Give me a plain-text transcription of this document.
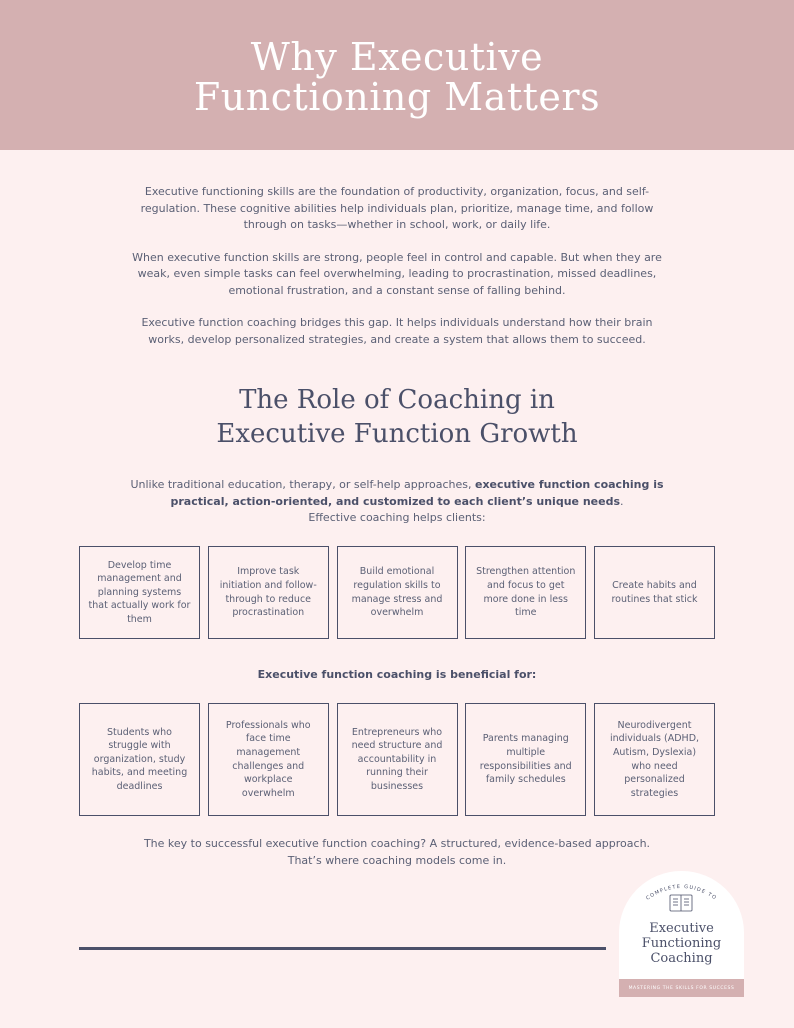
Why Executive
Functioning Matters

Executive functioning skills are the foundation of productivity, organization, focus, and self-regulation. These cognitive abilities help individuals plan, prioritize, manage time, and follow through on tasks—whether in school, work, or daily life.

When executive function skills are strong, people feel in control and capable. But when they are weak, even simple tasks can feel overwhelming, leading to procrastination, missed deadlines, emotional frustration, and a constant sense of falling behind.

Executive function coaching bridges this gap. It helps individuals understand how their brain works, develop personalized strategies, and create a system that allows them to succeed.

The Role of Coaching in
Executive Function Growth
Unlike traditional education, therapy, or self-help approaches, executive function coaching is practical, action-oriented, and customized to each client’s unique needs.
Effective coaching helps clients:
Develop time management and planning systems that actually work for them
Improve task initiation and follow-through to reduce procrastination
Build emotional regulation skills to manage stress and overwhelm
Strengthen attention and focus to get more done in less time
Create habits and routines that stick
Executive function coaching is beneficial for:
Students who struggle with organization, study habits, and meeting deadlines
Professionals who face time management challenges and workplace overwhelm
Entrepreneurs who need structure and accountability in running their businesses
Parents managing multiple responsibilities and family schedules
Neurodivergent individuals (ADHD, Autism, Dyslexia) who need personalized strategies
The key to successful executive function coaching? A structured, evidence-based approach.
That’s where coaching models come in.
COMPLETE GUIDE TO
Executive
Functioning
Coaching
MASTERING THE SKILLS FOR SUCCESS
